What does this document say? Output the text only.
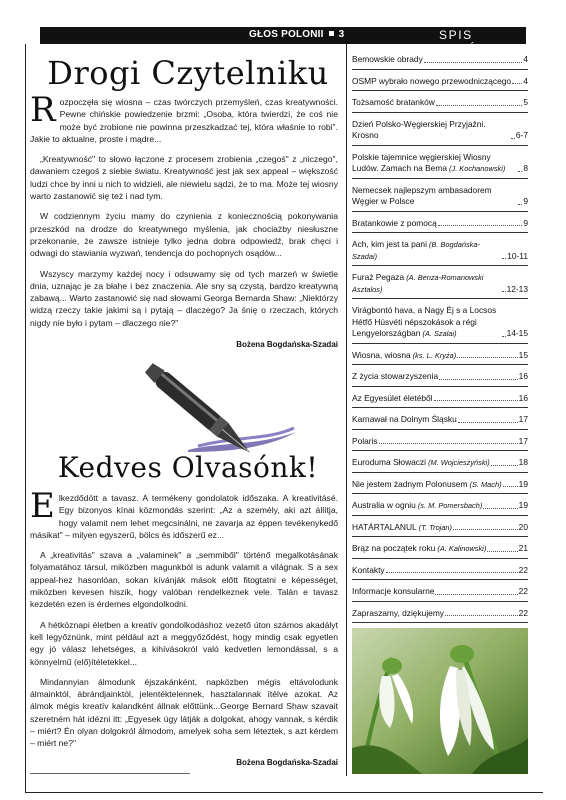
GŁOS POLONII 3	SPIS TREŚCI
Drogi Czytelniku

Rozpoczęła się wiosna – czas twórczych przemyśleń, czas kreatywności. Pewne chińskie powiedzenie brzmi: „Osoba, która twierdzi, że coś nie może być zrobione nie powinna przeszkadzać tej, która właśnie to robi". Jakie to aktualne, proste i mądre...

„Kreatywność" to słowo łączone z procesem zrobienia „czegoś" z „niczego", dawaniem czegoś z siebie światu. Kreatywność jest jak sex appeal – większość ludzi chce by inni u nich to widzieli, ale niewielu sądzi, że to ma. Może tej wiosny warto zastanowić się też i nad tym.

W codziennym życiu mamy do czynienia z koniecznością pokonywania przeszkód na drodze do kreatywnego myślenia, jak chociażby niesłuszne przekonanie, że zawsze istnieje tylko jedna dobra odpowiedź, brak chęci i odwagi do stawiania wyzwań, tendencja do pochopnych osądów...

Wszyscy marzymy każdej nocy i odsuwamy się od tych marzeń w świetle dnia, uznając je za błahe i bez znaczenia. Ale sny są czystą, bardzo kreatywną zabawą... Warto zastanowić się nad słowami Georga Bernarda Shaw: „Niektórzy widzą rzeczy takie jakimi są i pytają – dlaczego? Ja śnię o rzeczach, których nigdy nie było i pytam – dlaczego nie?"

Bożena Bogdańska-Szadai
Kedves Olvasónk!

Elkezdődött a tavasz. A termékeny gondolatok időszaka. A kreativitásé. Egy bizonyos kínai közmondás szerint: „Az a személy, aki azt állítja, hogy valamit nem lehet megcsinálni, ne zavarja az éppen tevékenykedő másikat" – milyen egyszerű, bölcs és időszerű ez...

A „kreativitás" szava a „valaminek" a „semmiből" történő megalkotásának folyamatához társul, miközben magunkból is adunk valamit a világnak. S a sex appeal-hez hasonlóan, sokan kívánják mások előtt fitogtatni e képességet, miközben kevesen hiszik, hogy valóban rendelkeznek vele. Talán e tavasz kezdetén ezen is érdemes elgondolkodni.

A hétköznapi életben a kreatív gondolkodáshoz vezető úton számos akadályt kell legyőznünk, mint például azt a meggyőződést, hogy mindig csak egyetlen egy jó válasz lehetséges, a kihívásokról való kedvetlen lemondással, s a könnyelmű (elő)ítéletekkel...

Mindannyian álmodunk éjszakánként, napközben mégis eltávolodunk álmainktól, ábrándjainktól, jelentéktelennek, hasztalannak ítélve azokat. Az álmok mégis kreatív kalandként állnak előttünk...George Bernard Shaw szavait szeretném hát idézni itt: „Egyesek úgy látják a dolgokat, ahogy vannak, s kérdik – miért? Én olyan dolgokról álmodom, amelyek soha sem léteztek, s azt kérdem – miért ne?"

Bożena Bogdańska-Szadai
Bemowskie obrady	4
OSMP wybrało nowego przewodniczącego 4
Tożsamość bratanków	5
Dzień Polsko-Węgierskiej Przyjaźni. Krosno	6-7
Polskie tajemnice węgierskiej Wiosny Ludów. Zamach na Bema (J. Kochanowski)	8
Nemecsek najlepszym ambasadorem Węgier w Polsce	9
Bratankowie z pomocą	9
Ach, kim jest ta pani (B. Bogdańska-Szadai)	10-11
Furaż Pegaza (A. Benza-Romanowski Asztalos)	12-13
Virágbontó hava, a Nagy Éj s a Locsos Hétfő Húsvéti népszokások a régi Lengyelországban (A. Szalai)	14-15
Wiosna, wiosna (ks. L. Kryża)	15
Z życia stowarzyszenia	16
Az Egyesület életéből	16
Karnawał na Dolnym Śląsku	17
Polaris	17
Euroduma Słowaczi (M. Wojciesżyński)	18
Nie jestem żadnym Polonusem (S. Mach) 19
Australia w ogniu (s. M. Pomersbach)	19
HATÁRTALANUL (T. Trojan)	20
Brąz na początek roku (A. Kalinowski)	21
Kontakty	22
Informacje konsularne	22
Zapraszamy, dziękujemy	22
